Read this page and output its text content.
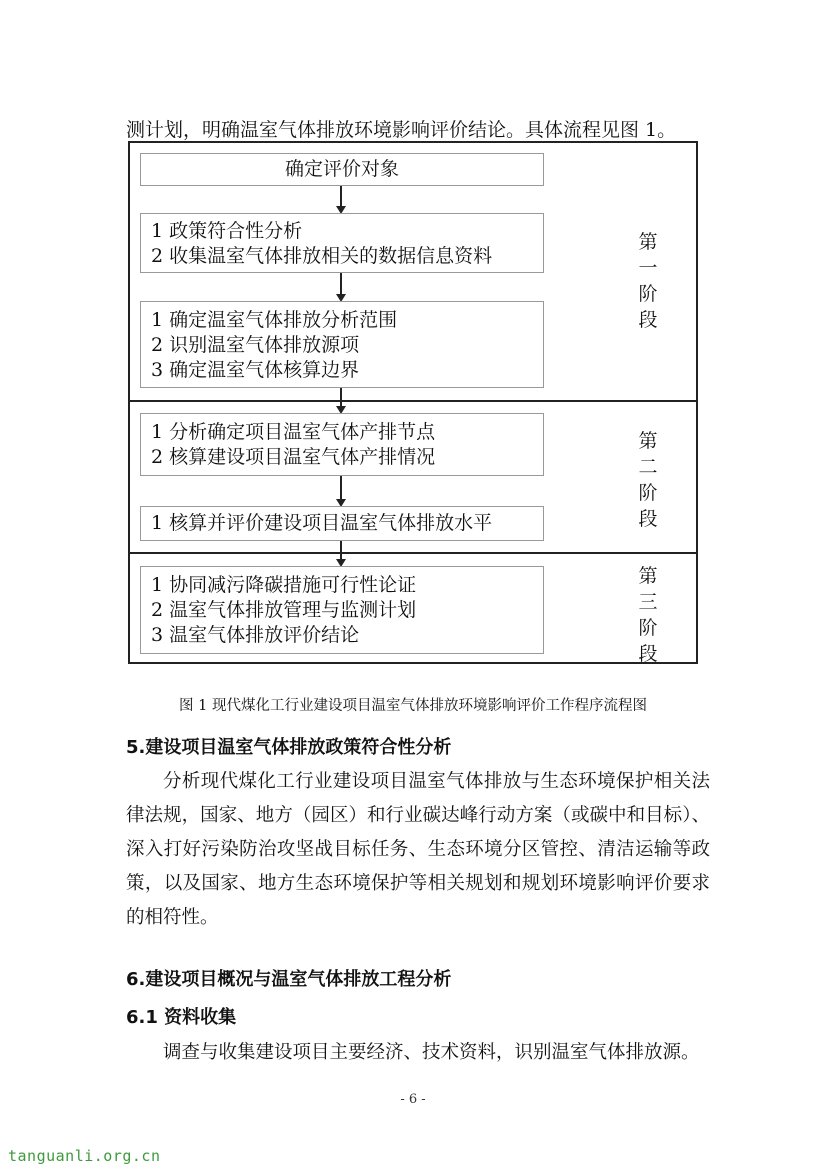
测计划，明确温室气体排放环境影响评价结论。具体流程见图 1。
确定评价对象
1 政策符合性分析
2 收集温室气体排放相关的数据信息资料
1 确定温室气体排放分析范围
2 识别温室气体排放源项
3 确定温室气体核算边界
1 分析确定项目温室气体产排节点
2 核算建设项目温室气体产排情况
1 核算并评价建设项目温室气体排放水平
1 协同减污降碳措施可行性论证
2 温室气体排放管理与监测计划
3 温室气体排放评价结论
第
一
阶
段
第
二
阶
段
第
三
阶
段
图 1 现代煤化工行业建设项目温室气体排放环境影响评价工作程序流程图
5.建设项目温室气体排放政策符合性分析
分析现代煤化工行业建设项目温室气体排放与生态环境保护相关法律法规，国家、地方（园区）和行业碳达峰行动方案（或碳中和目标）、深入打好污染防治攻坚战目标任务、生态环境分区管控、清洁运输等政策，以及国家、地方生态环境保护等相关规划和规划环境影响评价要求的相符性。
6.建设项目概况与温室气体排放工程分析
6.1 资料收集
调查与收集建设项目主要经济、技术资料，识别温室气体排放源。
- 6 -
tanguanli.org.cn
